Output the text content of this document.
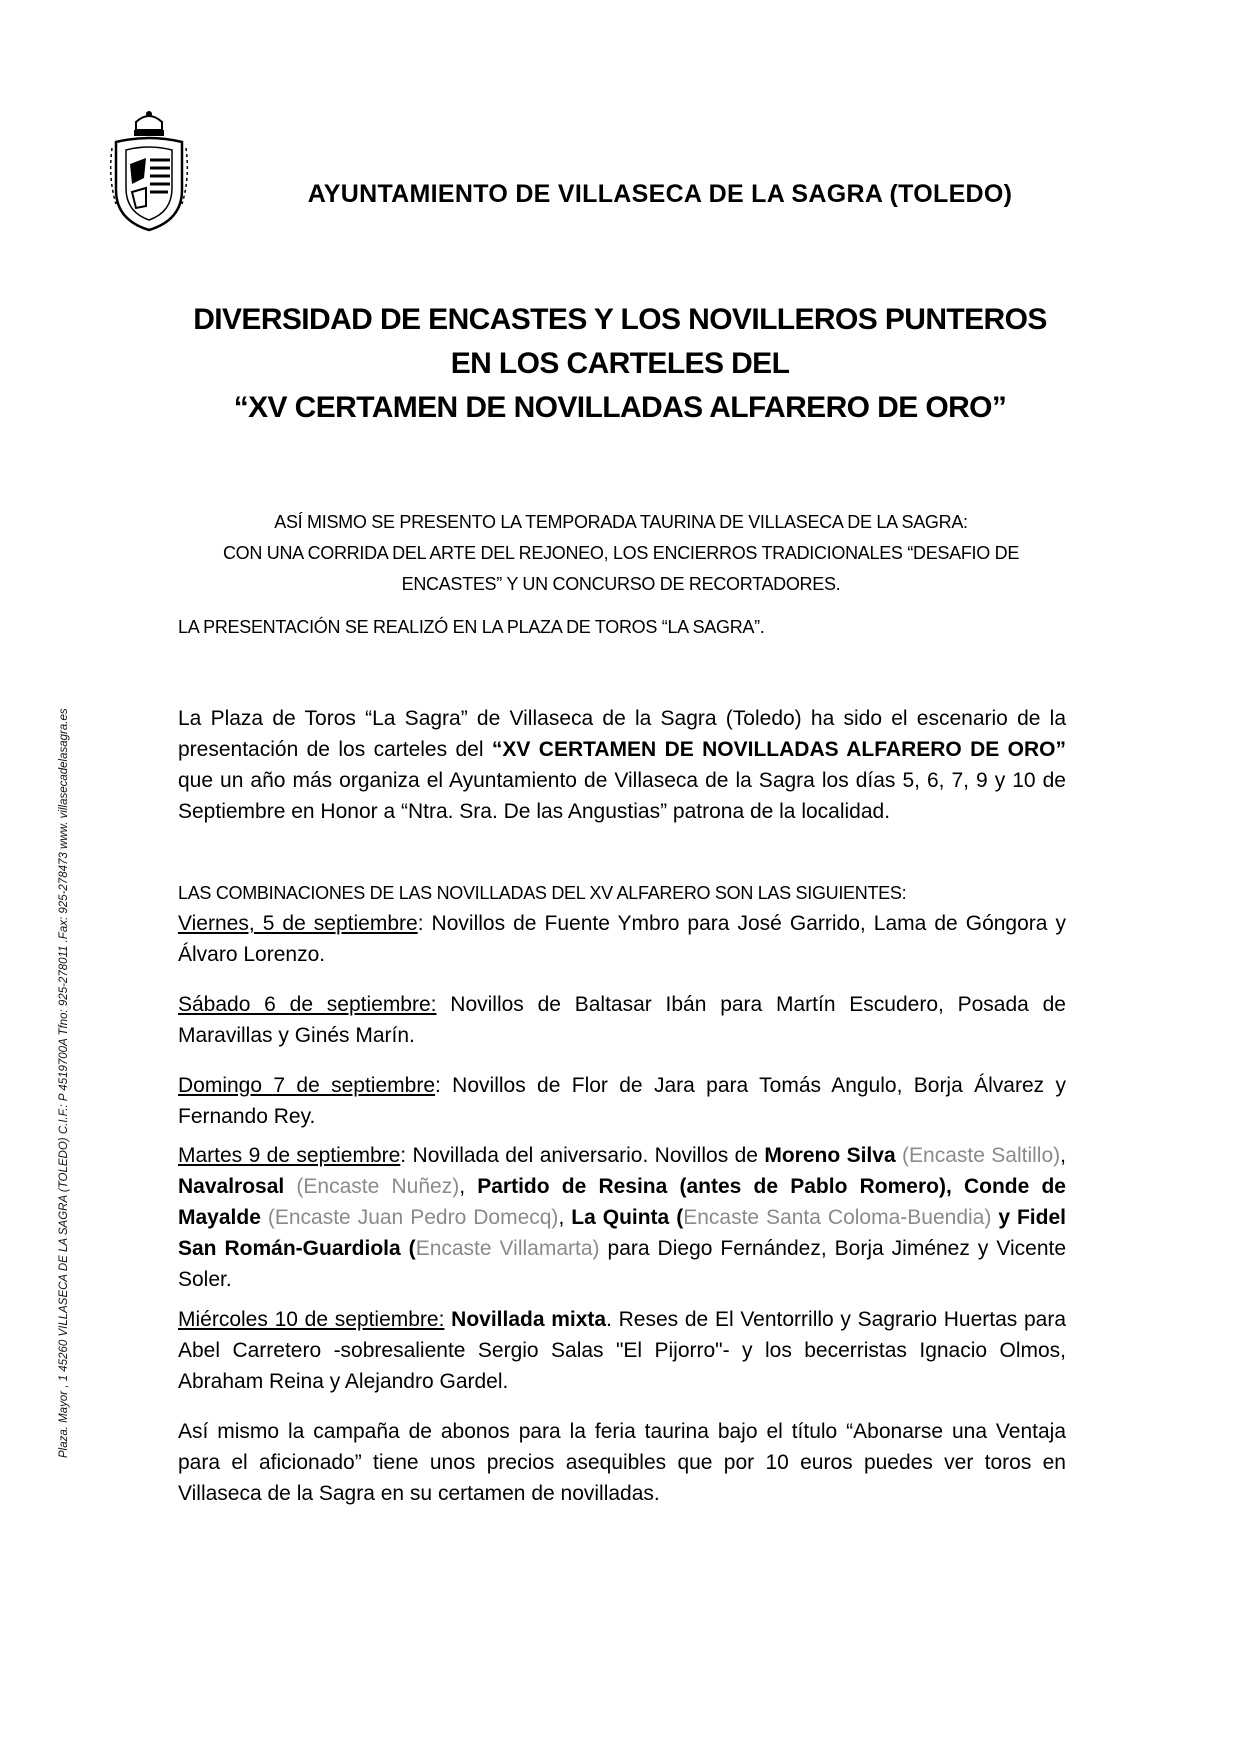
AYUNTAMIENTO DE VILLASECA DE LA SAGRA (TOLEDO)
Plaza. Mayor , 1 45260 VILLASECA DE LA SAGRA (TOLEDO) C.I.F.: P 4519700A Tfno: 925-278011 .Fax: 925-278473 www. villasecadelasagra.es
DIVERSIDAD DE ENCASTES Y LOS NOVILLEROS PUNTEROS
EN LOS CARTELES DEL
“XV CERTAMEN DE NOVILLADAS ALFARERO DE ORO”
ASÍ MISMO SE PRESENTO LA TEMPORADA TAURINA DE VILLASECA DE LA SAGRA:
CON UNA CORRIDA DEL ARTE DEL REJONEO, LOS ENCIERROS TRADICIONALES “DESAFIO DE
ENCASTES” Y UN CONCURSO DE RECORTADORES.
LA PRESENTACIÓN SE REALIZÓ EN LA PLAZA DE TOROS “LA SAGRA”.
La Plaza de Toros “La Sagra” de Villaseca de la Sagra (Toledo) ha sido el escenario de la presentación de los carteles del “XV CERTAMEN DE NOVILLADAS ALFARERO DE ORO” que un año más organiza el Ayuntamiento de Villaseca de la Sagra los días 5, 6, 7, 9 y 10 de Septiembre en Honor a “Ntra. Sra. De las Angustias” patrona de la localidad.
LAS COMBINACIONES DE LAS NOVILLADAS DEL XV ALFARERO SON LAS SIGUIENTES:
Viernes, 5 de septiembre: Novillos de Fuente Ymbro para José Garrido, Lama de Góngora y Álvaro Lorenzo.
Sábado 6 de septiembre: Novillos de Baltasar Ibán para Martín Escudero, Posada de Maravillas y Ginés Marín.
Domingo 7 de septiembre: Novillos de Flor de Jara para Tomás Angulo, Borja Álvarez y Fernando Rey.
Martes 9 de septiembre: Novillada del aniversario. Novillos de Moreno Silva (Encaste Saltillo), Navalrosal (Encaste Nuñez), Partido de Resina (antes de Pablo Romero), Conde de Mayalde (Encaste Juan Pedro Domecq), La Quinta (Encaste Santa Coloma-Buendia) y Fidel San Román-Guardiola (Encaste Villamarta) para Diego Fernández, Borja Jiménez y Vicente Soler.
Miércoles 10 de septiembre: Novillada mixta. Reses de El Ventorrillo y Sagrario Huertas para Abel Carretero -sobresaliente Sergio Salas "El Pijorro"- y los becerristas Ignacio Olmos, Abraham Reina y Alejandro Gardel.
Así mismo la campaña de abonos para la feria taurina bajo el título “Abonarse una Ventaja para el aficionado” tiene unos precios asequibles que por 10 euros puedes ver toros en Villaseca de la Sagra en su certamen de novilladas.
